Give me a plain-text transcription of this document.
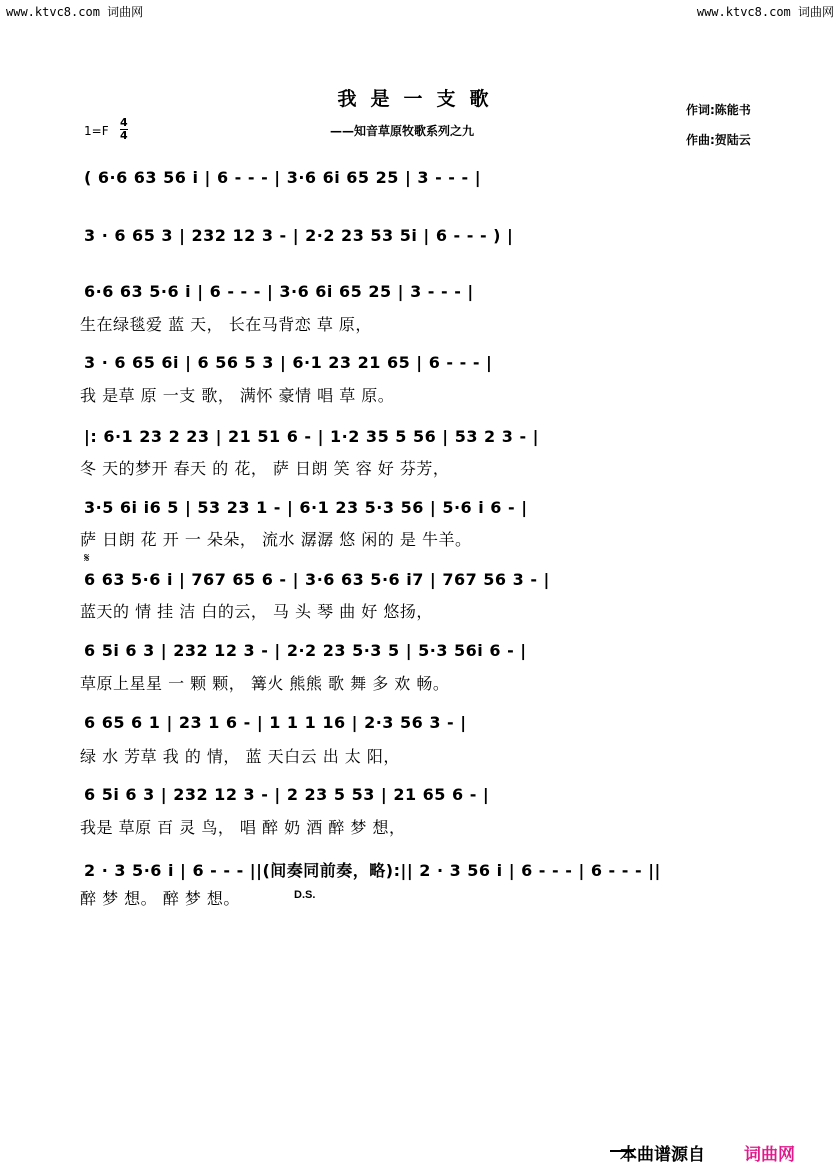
www.ktvc8.com 词曲网	www.ktvc8.com 词曲网
我是一支歌
——知音草原牧歌系列之九
作词:陈能书
作曲:贺陆云
1=F
4
4
( 6·6 63 56 i | 6 - - - | 3·6 6i 65 25 | 3 - - - |
3 · 6 65 3 | 232 12 3 - | 2·2 23 53 5i | 6 - - - ) |
6·6 63 5·6 i | 6 - - - | 3·6 6i 65 25 | 3 - - - |
生在绿毯爱 蓝 天， 长在马背恋 草 原，
3 · 6 65 6i | 6 56 5 3 | 6·1 23 21 65 | 6 - - - |
我 是草 原 一支 歌， 满怀 豪情 唱 草 原。
|: 6·1 23 2 23 | 21 51 6 - | 1·2 35 5 56 | 53 2 3 - |
冬 天的梦开 春天 的 花， 萨 日朗 笑 容 好 芬芳，
3·5 6i i6 5 | 53 23 1 - | 6·1 23 5·3 56 | 5·6 i 6 - |
萨 日朗 花 开 一 朵朵， 流水 潺潺 悠 闲的 是 牛羊。
𝄋
6 63 5·6 i | 767 65 6 - | 3·6 63 5·6 i7 | 767 56 3 - |
蓝天的 情 挂 洁 白的云， 马 头 琴 曲 好 悠扬，
6 5i 6 3 | 232 12 3 - | 2·2 23 5·3 5 | 5·3 56i 6 - |
草原上星星 一 颗 颗， 篝火 熊熊 歌 舞 多 欢 畅。
6 65 6 1 | 23 1 6 - | 1 1 1 16 | 2·3 56 3 - |
绿 水 芳草 我 的 情， 蓝 天白云 出 太 阳，
6 5i 6 3 | 232 12 3 - | 2 23 5 53 | 21 65 6 - |
我是 草原 百 灵 鸟， 唱 醉 奶 酒 醉 梦 想，
2 · 3 5·6 i | 6 - - - ||(间奏同前奏，略):|| 2 · 3 56 i | 6 - - - | 6 - - - ||
醉 梦 想。 醉 梦 想。	D.S.
本曲谱源自 词曲网
